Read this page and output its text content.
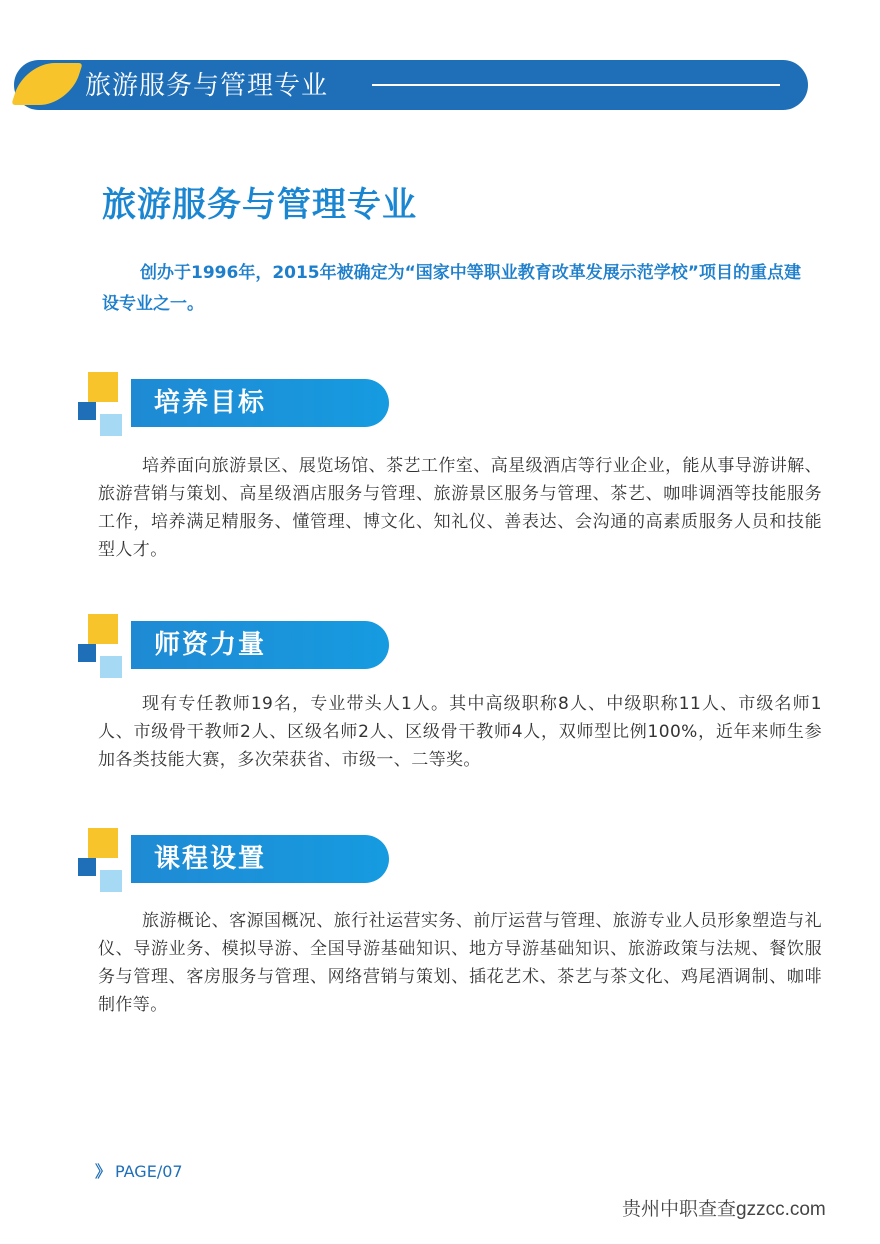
旅游服务与管理专业
旅游服务与管理专业

创办于1996年，2015年被确定为“国家中等职业教育改革发展示范学校”项目的重点建设专业之一。

培养目标

培养面向旅游景区、展览场馆、茶艺工作室、高星级酒店等行业企业，能从事导游讲解、旅游营销与策划、高星级酒店服务与管理、旅游景区服务与管理、茶艺、咖啡调酒等技能服务工作，培养满足精服务、懂管理、博文化、知礼仪、善表达、会沟通的高素质服务人员和技能型人才。

师资力量

现有专任教师19名，专业带头人1人。其中高级职称8人、中级职称11人、市级名师1人、市级骨干教师2人、区级名师2人、区级骨干教师4人，双师型比例100%，近年来师生参加各类技能大赛，多次荣获省、市级一、二等奖。

课程设置

旅游概论、客源国概况、旅行社运营实务、前厅运营与管理、旅游专业人员形象塑造与礼仪、导游业务、模拟导游、全国导游基础知识、地方导游基础知识、旅游政策与法规、餐饮服务与管理、客房服务与管理、网络营销与策划、插花艺术、茶艺与茶文化、鸡尾酒调制、咖啡制作等。

》 PAGE/07
贵州中职查查gzzcc.com
